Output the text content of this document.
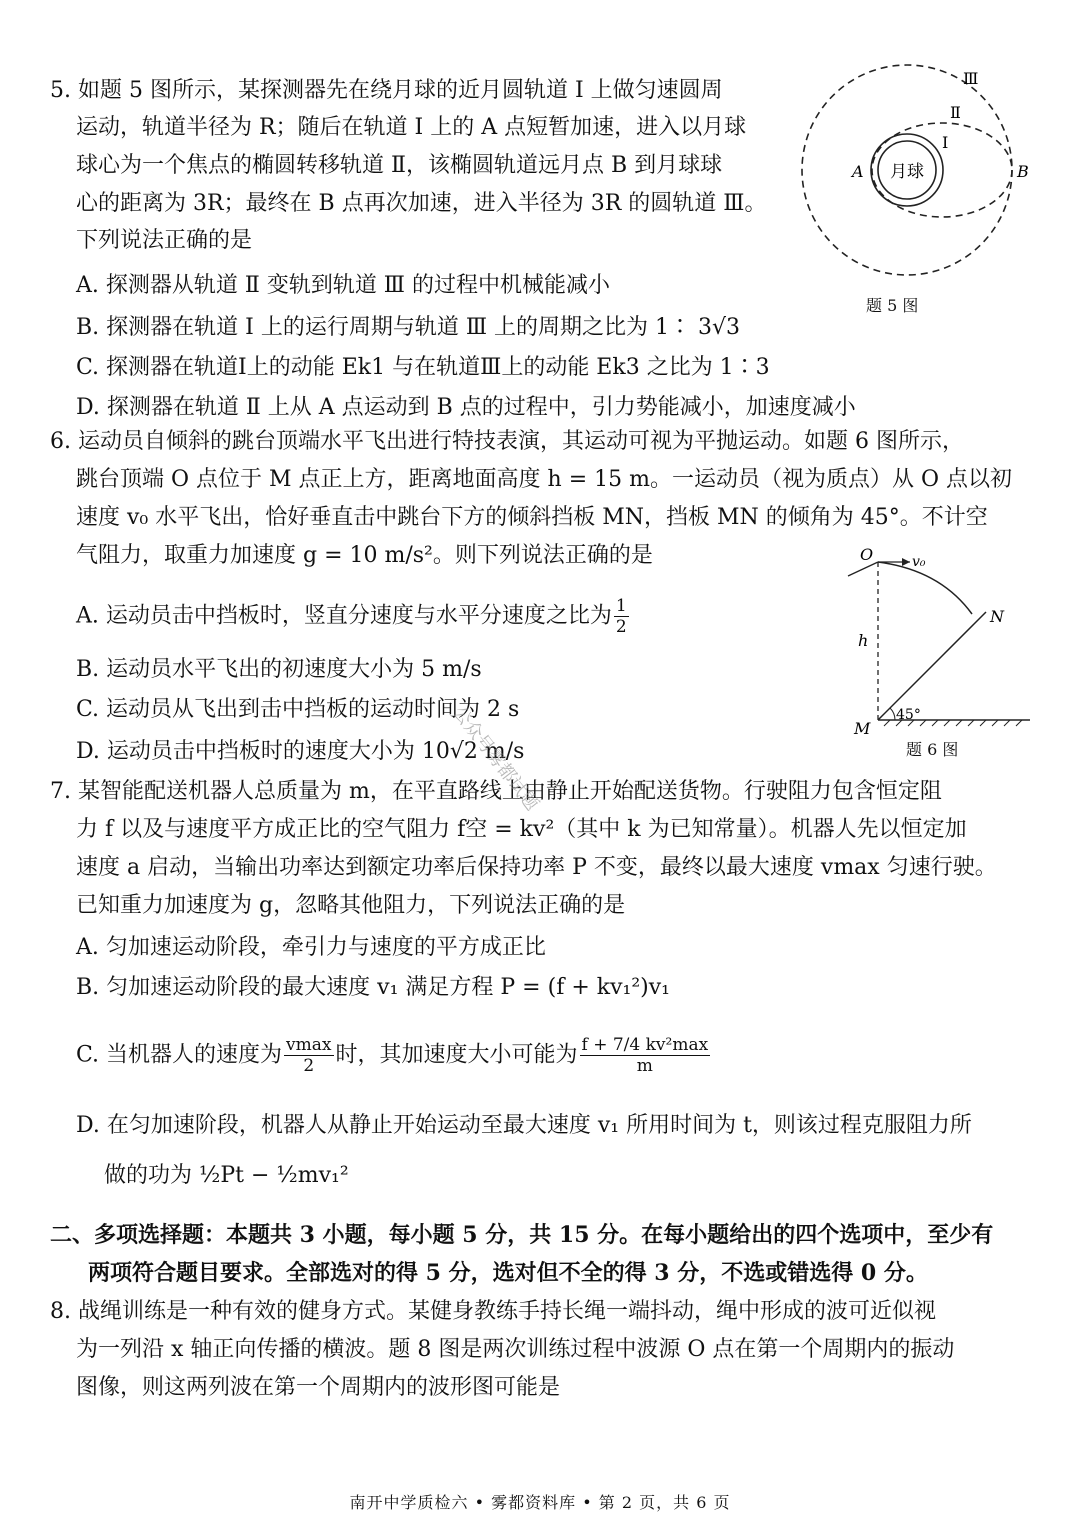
5. 如题 5 图所示，某探测器先在绕月球的近月圆轨道 Ⅰ 上做匀速圆周
运动，轨道半径为 R；随后在轨道 Ⅰ 上的 A 点短暂加速，进入以月球
球心为一个焦点的椭圆转移轨道 Ⅱ，该椭圆轨道远月点 B 到月球球
心的距离为 3R；最终在 B 点再次加速，进入半径为 3R 的圆轨道 Ⅲ。
下列说法正确的是
A. 探测器从轨道 Ⅱ 变轨到轨道 Ⅲ 的过程中机械能减小
B. 探测器在轨道 Ⅰ 上的运行周期与轨道 Ⅲ 上的周期之比为 1∶ 3√3
C. 探测器在轨道Ⅰ上的动能 Ek1 与在轨道Ⅲ上的动能 Ek3 之比为 1∶3
D. 探测器在轨道 Ⅱ 上从 A 点运动到 B 点的过程中，引力势能减小，加速度减小
月球
A	B
Ⅰ
Ⅱ
Ⅲ
题 5 图
6. 运动员自倾斜的跳台顶端水平飞出进行特技表演，其运动可视为平抛运动。如题 6 图所示，
跳台顶端 O 点位于 M 点正上方，距离地面高度 h = 15 m。一运动员（视为质点）从 O 点以初
速度 v₀ 水平飞出，恰好垂直击中跳台下方的倾斜挡板 MN，挡板 MN 的倾角为 45°。不计空
气阻力，取重力加速度 g = 10 m/s²。则下列说法正确的是
A. 运动员击中挡板时，竖直分速度与水平分速度之比为 $\frac{1}{2}$
B. 运动员水平飞出的初速度大小为 5 m/s
C. 运动员从飞出到击中挡板的运动时间为 2 s
D. 运动员击中挡板时的速度大小为 10√2 m/s
O	v₀
N
h
M
45°
题 6 图
7. 某智能配送机器人总质量为 m，在平直路线上由静止开始配送货物。行驶阻力包含恒定阻
力 f 以及与速度平方成正比的空气阻力 f空 = kv²（其中 k 为已知常量）。机器人先以恒定加
速度 a 启动，当输出功率达到额定功率后保持功率 P 不变，最终以最大速度 vmax 匀速行驶。
已知重力加速度为 g，忽略其他阻力，下列说法正确的是
A. 匀加速运动阶段，牵引力与速度的平方成正比
B. 匀加速运动阶段的最大速度 v₁ 满足方程 P = (f + kv₁²)v₁
C. 当机器人的速度为 $\frac{vmax}{2}$ 时，其加速度大小可能为 $\frac{\text{f + 7/4 kv²max}}{m}$
D. 在匀加速阶段，机器人从静止开始运动至最大速度 v₁ 所用时间为 t，则该过程克服阻力所
做的功为 ½Pt − ½mv₁²
二、多项选择题：本题共 3 小题，每小题 5 分，共 15 分。在每小题给出的四个选项中，至少有
两项符合题目要求。全部选对的得 5 分，选对但不全的得 3 分，不选或错选得 0 分。
8. 战绳训练是一种有效的健身方式。某健身教练手持长绳一端抖动，绳中形成的波可近似视
为一列沿 x 轴正向传播的横波。题 8 图是两次训练过程中波源 O 点在第一个周期内的振动
图像，则这两列波在第一个周期内的波形图可能是
公众号雾都试题
南开中学质检六 • 雾都资料库 • 第 2 页，共 6 页
